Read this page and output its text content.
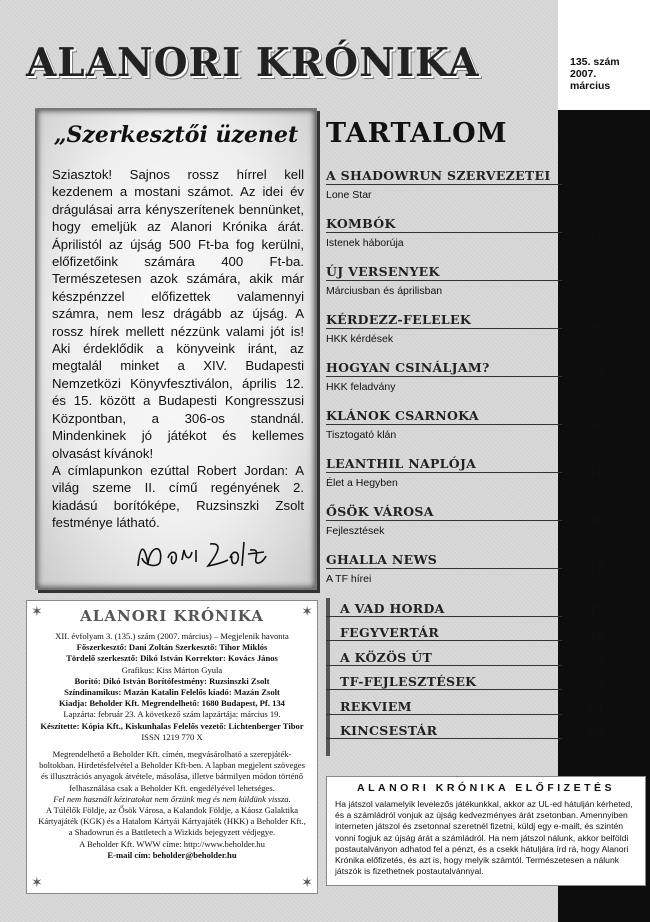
135. szám
2007.
március
ALANORI KRÓNIKA
„Szerkesztői üzenet

Sziasztok! Sajnos rossz hírrel kell kezdenem a mostani számot. Az idei év drágulásai arra kényszerítenek bennünket, hogy emeljük az Alanori Krónika árát. Áprilistól az újság 500 Ft-ba fog kerülni, előfizetőink számára 400 Ft-ba. Természetesen azok számára, akik már készpénzzel előfizettek valamennyi számra, nem lesz drágább az újság. A rossz hírek mellett nézzünk valami jót is! Aki érdeklődik a könyveink iránt, az megtalál minket a XIV. Budapesti Nemzetközi Könyvfesztiválon, április 12. és 15. között a Budapesti Kongresszusi Központban, a 306-os standnál. Mindenkinek jó játékot és kellemes olvasást kívánok!

A címlapunkon ezúttal Robert Jordan: A világ szeme II. című regényének 2. kiadású borítóképe, Ruzsinszki Zsolt festménye látható.

Dani Zoltán
TARTALOM
A SHADOWRUN SZERVEZETEI
Lone Star
2
KOMBÓK
Istenek háborúja
12
ÚJ VERSENYEK
Márciusban és áprilisban
22
KÉRDEZZ-FELELEK
HKK kérdések
26
HOGYAN CSINÁLJAM?
HKK feladvány
27
KLÁNOK CSARNOKA
Tisztogató klán
32
LEANTHIL NAPLÓJA
Élet a Hegyben
42
ŐSÖK VÁROSA
Fejlesztések
46
GHALLA NEWS
A TF hírei
47
A VAD HORDA	47
FEGYVERTÁR	48
A KÖZÖS ÚT	50
TF-FEJLESZTÉSEK	53
REKVIEM	54
KINCSESTÁR	56
✶	✶
✶	✶
ALANORI KRÓNIKA
XII. évfolyam 3. (135.) szám (2007. március) – Megjelenik havonta
Főszerkesztő: Dani Zoltán Szerkesztő: Tihor Miklós
Tördelő szerkesztő: Dikó István Korrektor: Kovács János
Grafikus: Kiss Márton Gyula
Borító: Dikó István Borítófestmény: Ruzsinszki Zsolt
Színdinamikus: Mazán Katalin Felelős kiadó: Mazán Zsolt
Kiadja: Beholder Kft. Megrendelhető: 1680 Budapest, Pf. 134
Lapzárta: február 23. A következő szám lapzártája: március 19.
Készítette: Kópia Kft., Kiskunhalas Felelős vezető: Lichtenberger Tibor
ISSN 1219 770 X
Megrendelhető a Beholder Kft. címén, megvásárolható a szerepjáték-
boltokban. Hirdetésfelvétel a Beholder Kft-ben. A lapban megjelent szöveges
és illusztrációs anyagok átvétele, másolása, illetve bármilyen módon történő
felhasználása csak a Beholder Kft. engedélyével lehetséges.
Fel nem használt kéziratokat nem őrzünk meg és nem küldünk vissza.
A Túlélők Földje, az Ősök Városa, a Kalandok Földje, a Káosz Galaktika
Kártyajáték (KGK) és a Hatalom Kártyái Kártyajáték (HKK) a Beholder Kft.,
a Shadowrun és a Battletech a Wizkids bejegyzett védjegye.
A Beholder Kft. WWW címe: http://www.beholder.hu
E-mail cím: beholder@beholder.hu
ALANORI KRÓNIKA ELŐFIZETÉS
Ha játszol valamelyik levelezős játékunkkal, akkor az UL-ed hátulján kérheted, és a számládról vonjuk az újság kedvezményes árát zsetonban. Amennyiben interneten játszol és zsetonnal szeretnél fizetni, küldj egy e-mailt, és szintén vonni fogjuk az újság árát a számládról. Ha nem játszol nálunk, akkor belföldi postautalványon adhatod fel a pénzt, és a csekk hátuljára írd rá, hogy Alanori Krónika előfizetés, és azt is, hogy melyik számtól. Természetesen a nálunk játszók is fizethetnek postautalvánnyal.
